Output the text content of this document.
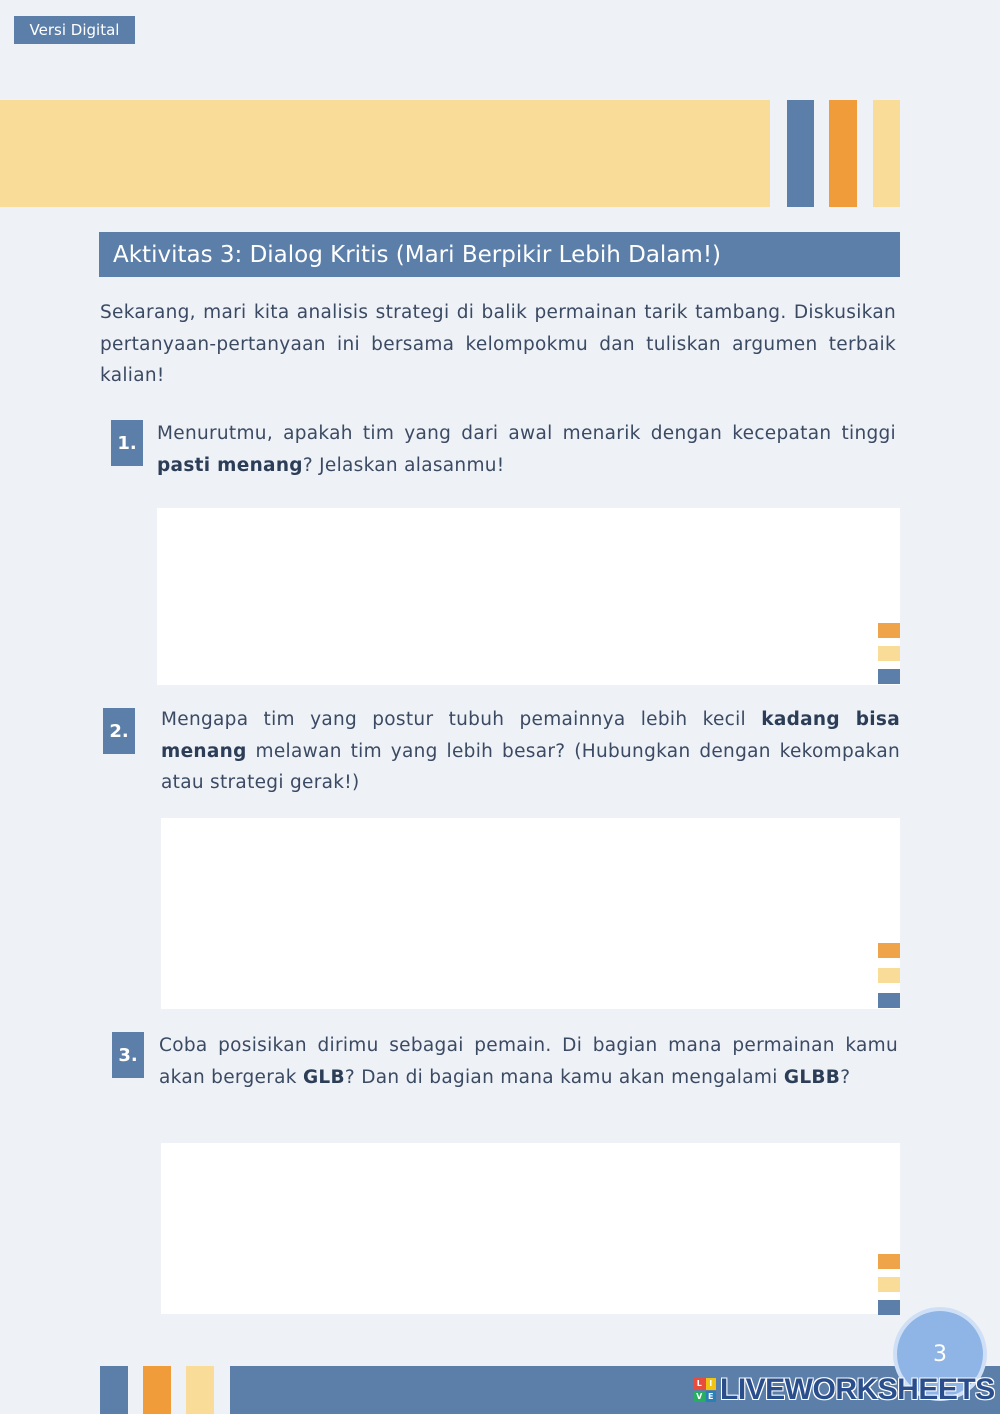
Versi Digital
Aktivitas 3: Dialog Kritis (Mari Berpikir Lebih Dalam!)

Sekarang, mari kita analisis strategi di balik permainan tarik tambang. Diskusikan pertanyaan-pertanyaan ini bersama kelompokmu dan tuliskan argumen terbaik kalian!

1.	Menurutmu, apakah tim yang dari awal menarik dengan kecepatan tinggi pasti menang? Jelaskan alasanmu!

2.

Mengapa tim yang postur tubuh pemainnya lebih kecil kadang bisa menang melawan tim yang lebih besar? (Hubungkan dengan kekompakan atau strategi gerak!)

3.	Coba posisikan dirimu sebagai pemain. Di bagian mana permainan kamu akan bergerak GLB? Dan di bagian mana kamu akan mengalami GLBB?

3
L I
V E LIVEWORKSHEETS
